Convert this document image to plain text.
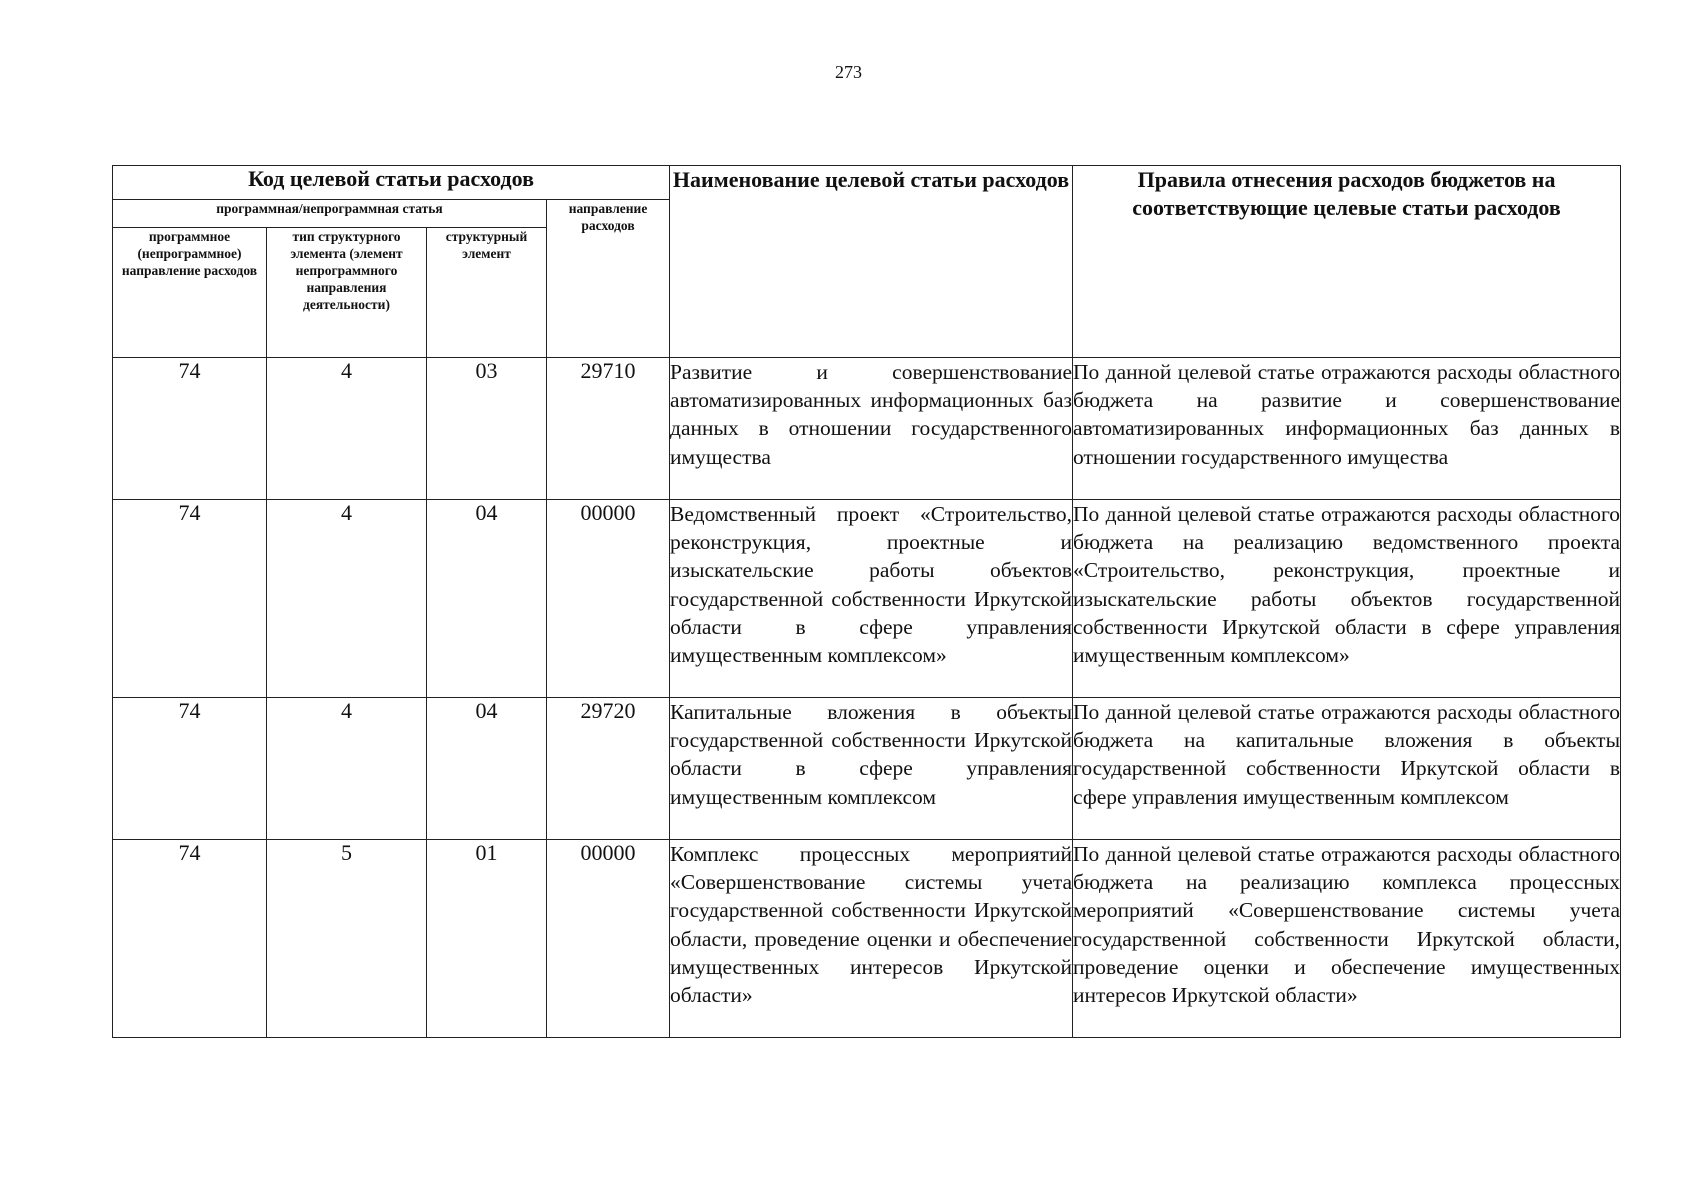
273
Код целевой статьи расходов				Наименование целевой статьи расходов	Правила отнесения расходов бюджетов на соответствующие целевые статьи расходов
программная/непрограммная статья			направление расходов		
программное (непрограммное) направление расходов	тип структурного элемента (элемент непрограммного направления деятельности)	структурный элемент			
74	4	03	29710	Развитие и совершенствование автоматизированных информационных баз данных в отношении государственного имущества	По данной целевой статье отражаются расходы областного бюджета на развитие и совершенствование автоматизированных информационных баз данных в отношении государственного имущества
74	4	04	00000	Ведомственный проект «Строительство, реконструкция, проектные и изыскательские работы объектов государственной собственности Иркутской области в сфере управления имущественным комплексом»	По данной целевой статье отражаются расходы областного бюджета на реализацию ведомственного проекта «Строительство, реконструкция, проектные и изыскательские работы объектов государственной собственности Иркутской области в сфере управления имущественным комплексом»
74	4	04	29720	Капитальные вложения в объекты государственной собственности Иркутской области в сфере управления имущественным комплексом	По данной целевой статье отражаются расходы областного бюджета на капитальные вложения в объекты государственной собственности Иркутской области в сфере управления имущественным комплексом
74	5	01	00000	Комплекс процессных мероприятий «Совершенствование системы учета государственной собственности Иркутской области, проведение оценки и обеспечение имущественных интересов Иркутской области»	По данной целевой статье отражаются расходы областного бюджета на реализацию комплекса процессных мероприятий «Совершенствование системы учета государственной собственности Иркутской области, проведение оценки и обеспечение имущественных интересов Иркутской области»
